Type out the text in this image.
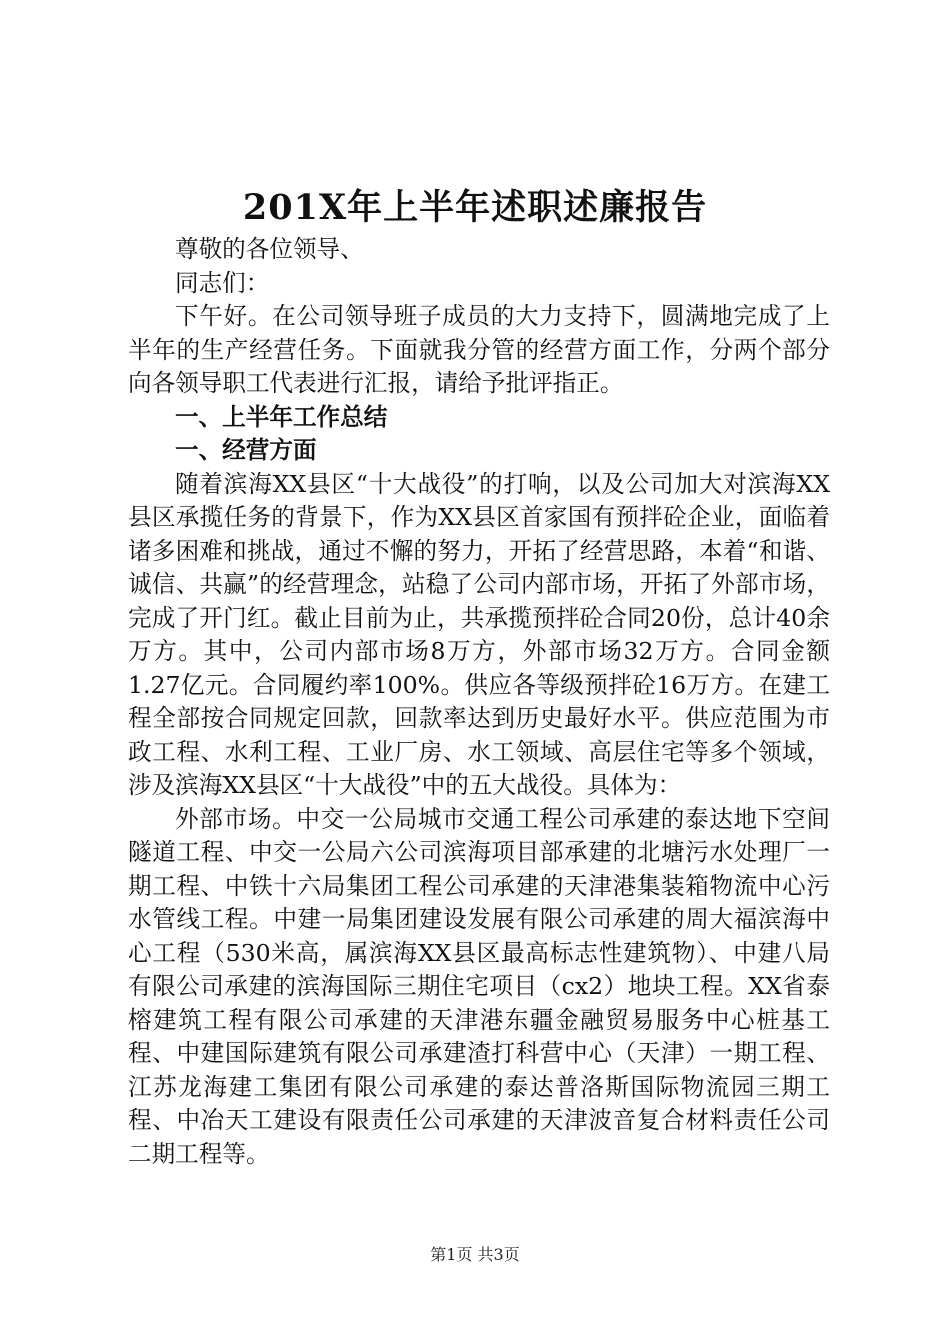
201X年上半年述职述廉报告

尊敬的各位领导、

同志们：

下午好。在公司领导班子成员的大力支持下，圆满地完成了上半年的生产经营任务。下面就我分管的经营方面工作，分两个部分向各领导职工代表进行汇报，请给予批评指正。

一、上半年工作总结

一、经营方面

随着滨海XX县区“十大战役”的打响，以及公司加大对滨海XX县区承揽任务的背景下，作为XX县区首家国有预拌砼企业，面临着诸多困难和挑战，通过不懈的努力，开拓了经营思路，本着“和谐、诚信、共赢”的经营理念，站稳了公司内部市场，开拓了外部市场，完成了开门红。截止目前为止，共承揽预拌砼合同20份，总计40余万方。其中，公司内部市场8万方，外部市场32万方。合同金额1.27亿元。合同履约率100%。供应各等级预拌砼16万方。在建工程全部按合同规定回款，回款率达到历史最好水平。供应范围为市政工程、水利工程、工业厂房、水工领域、高层住宅等多个领域，涉及滨海XX县区“十大战役”中的五大战役。具体为：

外部市场。中交一公局城市交通工程公司承建的泰达地下空间隧道工程、中交一公局六公司滨海项目部承建的北塘污水处理厂一期工程、中铁十六局集团工程公司承建的天津港集装箱物流中心污水管线工程。中建一局集团建设发展有限公司承建的周大福滨海中心工程（530米高，属滨海XX县区最高标志性建筑物）、中建八局有限公司承建的滨海国际三期住宅项目（cx2）地块工程。XX省泰榕建筑工程有限公司承建的天津港东疆金融贸易服务中心桩基工程、中建国际建筑有限公司承建渣打科营中心（天津）一期工程、江苏龙海建工集团有限公司承建的泰达普洛斯国际物流园三期工程、中冶天工建设有限责任公司承建的天津波音复合材料责任公司二期工程等。

第1页 共3页
